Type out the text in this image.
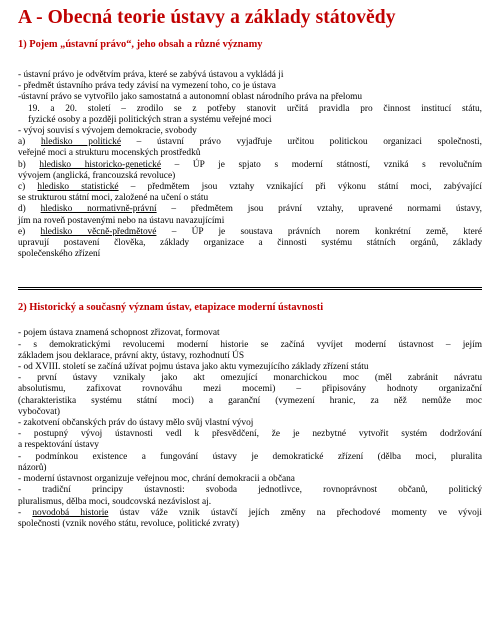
A - Obecná teorie ústavy a základy státovědy
1) Pojem „ústavní právo“, jeho obsah a různé významy

- ústavní právo je odvětvím práva, které se zabývá ústavou a vykládá ji

- předmět ústavního práva tedy závisí na vymezení toho, co je ústava

-ústavní právo se vytvořilo jako samostatná a autonomní oblast národního práva na přelomu

19. a 20. století – zrodilo se z potřeby stanovit určitá pravidla pro činnost institucí státu,

fyzické osoby a později politických stran a systému veřejné moci

- vývoj souvisí s vývojem demokracie, svobody

a) hledisko politické – ústavní právo vyjadřuje určitou politickou organizaci společnosti,

veřejné moci a strukturu mocenských prostředků

b) hledisko historicko-genetické – ÚP je spjato s moderní státností, vzniká s revolučním

vývojem (anglická, francouzská revoluce)

c) hledisko statistické – předmětem jsou vztahy vznikající při výkonu státní moci, zabývající

se strukturou státní moci, založené na učení o státu

d) hledisko normativně-právní – předmětem jsou právní vztahy, upravené normami ústavy,

jím na roveň postavenými nebo na ústavu navazujícími

e) hledisko věcně-předmětové – ÚP je soustava právních norem konkrétní země, které

upravují postavení člověka, základy organizace a činnosti systému státních orgánů, základy

společenského zřízení

2) Historický a současný význam ústav, etapizace moderní ústavnosti

- pojem ústava znamená schopnost zřizovat, formovat

- s demokratickými revolucemi moderní historie se začíná vyvíjet moderní ústavnost – jejím

základem jsou deklarace, právní akty, ústavy, rozhodnutí ÚS

- od XVIII. století se začíná užívat pojmu ústava jako aktu vymezujícího základy zřízení státu

- první ústavy vznikaly jako akt omezující monarchickou moc (měl zabránit návratu

absolutismu, zafixovat rovnováhu mezi mocemi) – připisovány hodnoty organizační

(charakteristika systému státní moci) a garanční (vymezení hranic, za něž nemůže moc

vybočovat)

- zakotvení občanských práv do ústavy mělo svůj vlastní vývoj

- postupný vývoj ústavnosti vedl k přesvědčení, že je nezbytné vytvořit systém dodržování

a respektování ústavy

- podmínkou existence a fungování ústavy je demokratické zřízení (dělba moci, pluralita

názorů)

- moderní ústavnost organizuje veřejnou moc, chrání demokracii a občana

- tradiční principy ústavnosti: svoboda jednotlivce, rovnoprávnost občanů, politický

pluralismus, dělba moci, soudcovská nezávislost aj.

- novodobá historie ústav váže vznik ústavčí jejích změny na přechodové momenty ve vývoji

společnosti (vznik nového státu, revoluce, politické zvraty)
